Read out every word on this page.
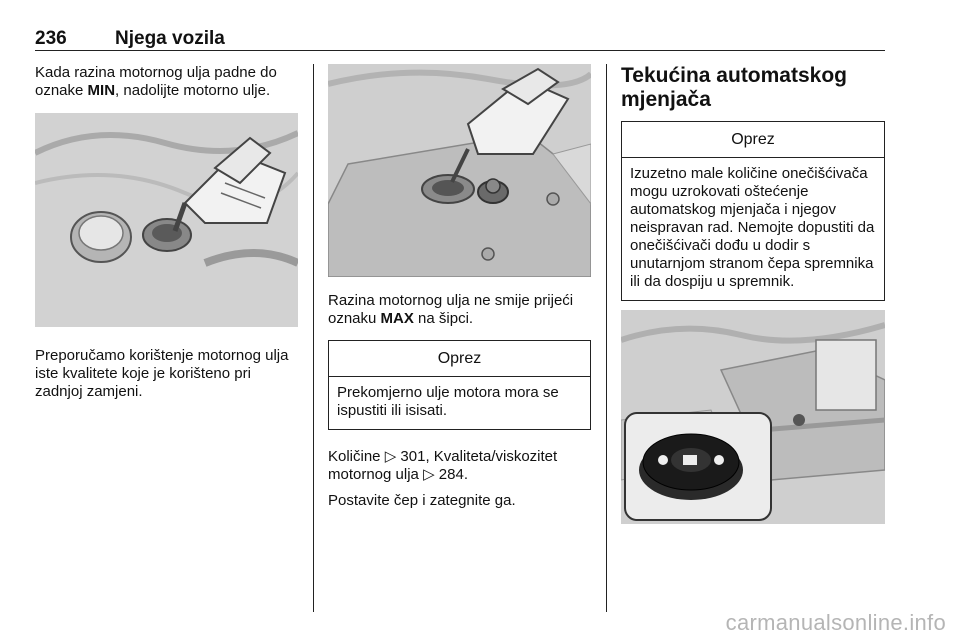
236	Njega vozila

Kada razina motornog ulja padne do oznake MIN, nadolijte motorno ulje.

Preporučamo korištenje motornog ulja iste kvalitete koje je korišteno pri zadnjoj zamjeni.

Razina motornog ulja ne smije prijeći oznaku MAX na šipci.

Oprez
Prekomjerno ulje motora mora se ispustiti ili isisati.

Količine ▷ 301, Kvaliteta/viskozitet motornog ulja ▷ 284.

Postavite čep i zategnite ga.

Tekućina automatskog mjenjača
Oprez
Izuzetno male količine onečišćivača mogu uzrokovati oštećenje automatskog mjenjača i njegov neispravan rad. Nemojte dopustiti da onečišćivači dođu u dodir s unutarnjom stranom čepa spremnika ili da dospiju u spremnik.
carmanualsonline.info
